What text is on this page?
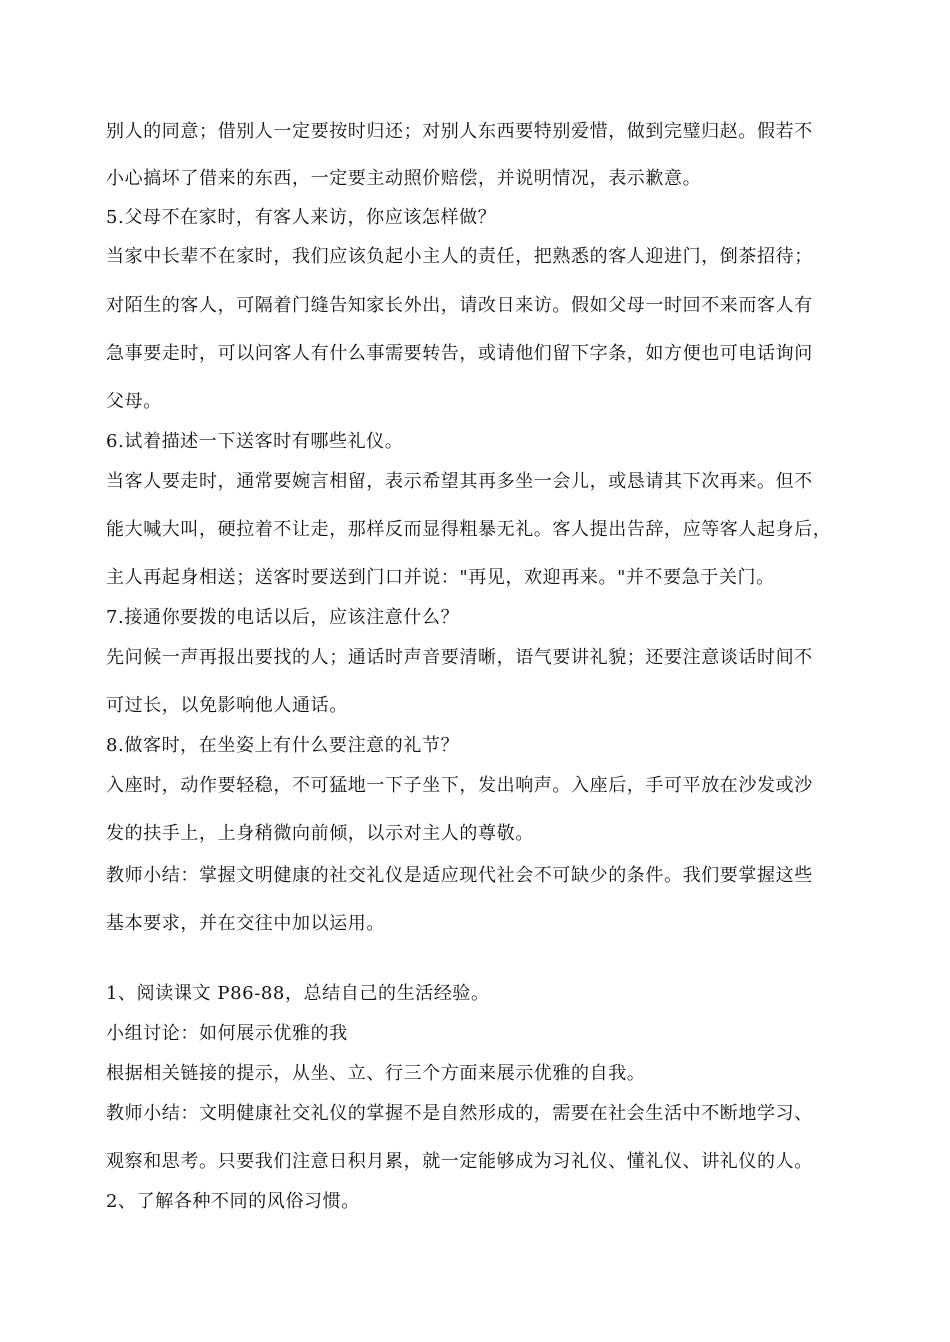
别人的同意；借别人一定要按时归还；对别人东西要特别爱惜，做到完璧归赵。假若不
小心搞坏了借来的东西，一定要主动照价赔偿，并说明情况，表示歉意。
5.父母不在家时，有客人来访，你应该怎样做？
当家中长辈不在家时，我们应该负起小主人的责任，把熟悉的客人迎进门，倒茶招待；
对陌生的客人，可隔着门缝告知家长外出，请改日来访。假如父母一时回不来而客人有
急事要走时，可以问客人有什么事需要转告，或请他们留下字条，如方便也可电话询问
父母。
6.试着描述一下送客时有哪些礼仪。
当客人要走时，通常要婉言相留，表示希望其再多坐一会儿，或恳请其下次再来。但不
能大喊大叫，硬拉着不让走，那样反而显得粗暴无礼。客人提出告辞，应等客人起身后，
主人再起身相送；送客时要送到门口并说："再见，欢迎再来。"并不要急于关门。
7.接通你要拨的电话以后，应该注意什么？
先问候一声再报出要找的人；通话时声音要清晰，语气要讲礼貌；还要注意谈话时间不
可过长，以免影响他人通话。
8.做客时，在坐姿上有什么要注意的礼节？
入座时，动作要轻稳，不可猛地一下子坐下，发出响声。入座后，手可平放在沙发或沙
发的扶手上，上身稍微向前倾，以示对主人的尊敬。
教师小结：掌握文明健康的社交礼仪是适应现代社会不可缺少的条件。我们要掌握这些
基本要求，并在交往中加以运用。
1、阅读课文 P86-88，总结自己的生活经验。
小组讨论：如何展示优雅的我
根据相关链接的提示，从坐、立、行三个方面来展示优雅的自我。
教师小结：文明健康社交礼仪的掌握不是自然形成的，需要在社会生活中不断地学习、
观察和思考。只要我们注意日积月累，就一定能够成为习礼仪、懂礼仪、讲礼仪的人。
2、了解各种不同的风俗习惯。
